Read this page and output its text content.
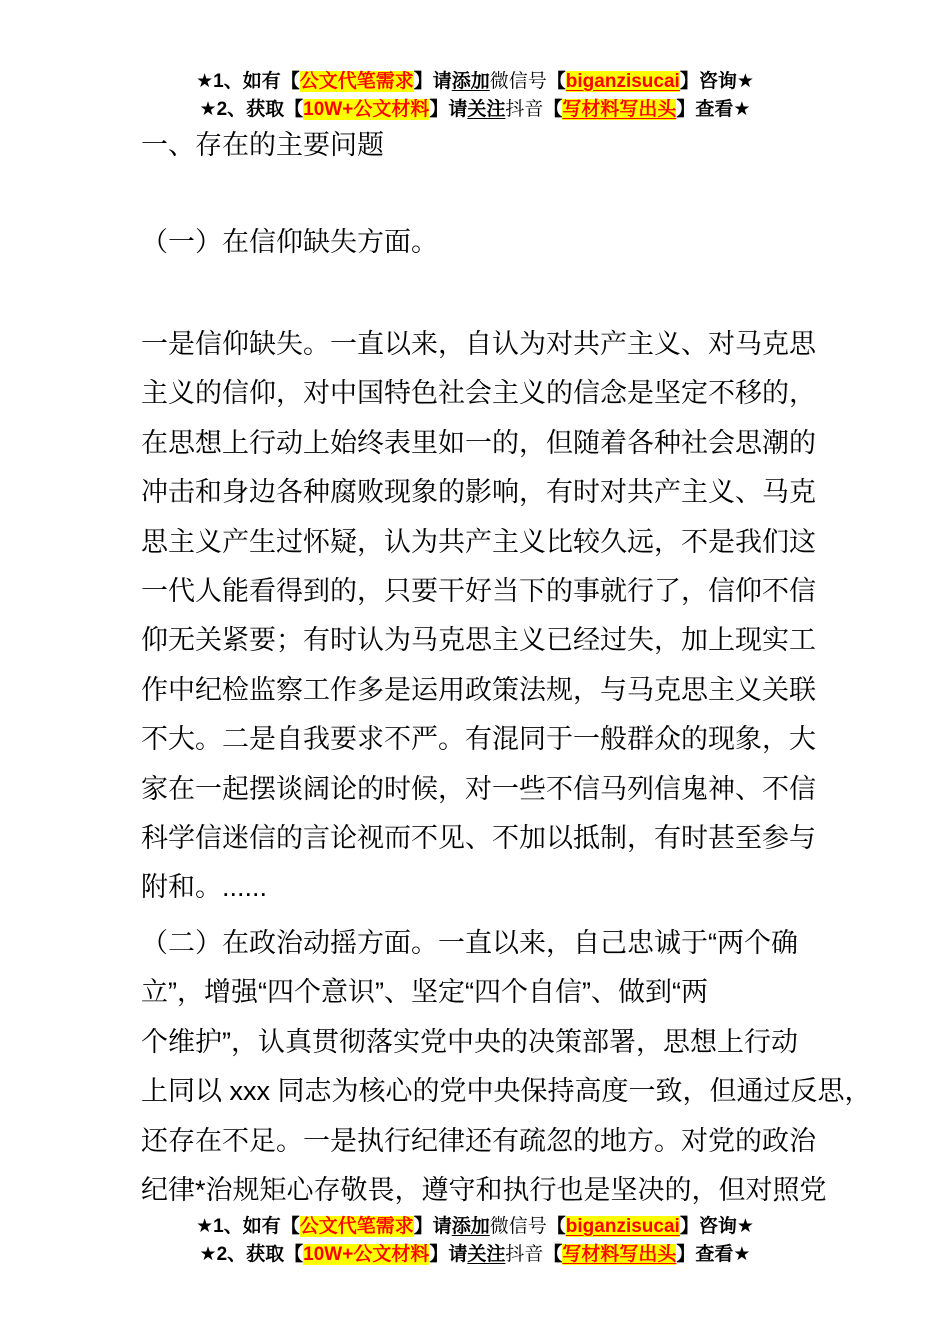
★1、如有【公文代笔需求】请添加微信号【biganzisucai】咨询★
★2、获取【10W+公文材料】请关注抖音【写材料写出头】查看★
一、存在的主要问题
（一）在信仰缺失方面。
一是信仰缺失。一直以来，自认为对共产主义、对马克思
主义的信仰，对中国特色社会主义的信念是坚定不移的，
在思想上行动上始终表里如一的，但随着各种社会思潮的
冲击和身边各种腐败现象的影响，有时对共产主义、马克
思主义产生过怀疑，认为共产主义比较久远，不是我们这
一代人能看得到的，只要干好当下的事就行了，信仰不信
仰无关紧要；有时认为马克思主义已经过失，加上现实工
作中纪检监察工作多是运用政策法规，与马克思主义关联
不大。二是自我要求不严。有混同于一般群众的现象，大
家在一起摆谈阔论的时候，对一些不信马列信鬼神、不信
科学信迷信的言论视而不见、不加以抵制，有时甚至参与
附和。......
（二）在政治动摇方面。一直以来，自己忠诚于“两个确
立”，增强“四个意识”、坚定“四个自信”、做到“两
个维护”，认真贯彻落实党中央的决策部署，思想上行动
上同以 xxx 同志为核心的党中央保持高度一致，但通过反思，
还存在不足。一是执行纪律还有疏忽的地方。对党的政治
纪律*治规矩心存敬畏，遵守和执行也是坚决的，但对照党
★1、如有【公文代笔需求】请添加微信号【biganzisucai】咨询★
★2、获取【10W+公文材料】请关注抖音【写材料写出头】查看★
